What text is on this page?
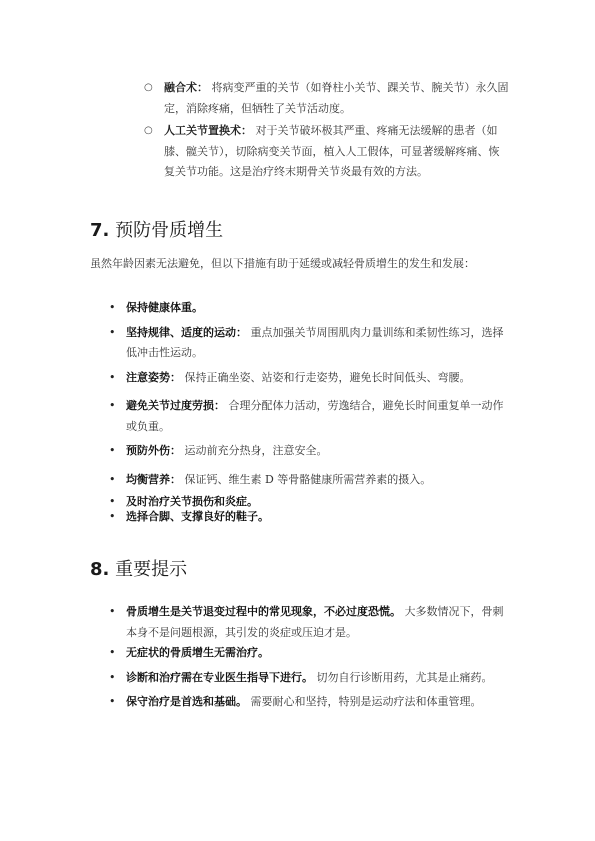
○ 融合术： 将病变严重的关节（如脊柱小关节、踝关节、腕关节）永久固定，消除疼痛，但牺牲了关节活动度。
○ 人工关节置换术： 对于关节破坏极其严重、疼痛无法缓解的患者（如膝、髋关节），切除病变关节面，植入人工假体，可显著缓解疼痛、恢复关节功能。这是治疗终末期骨关节炎最有效的方法。
7. 预防骨质增生

虽然年龄因素无法避免，但以下措施有助于延缓或减轻骨质增生的发生和发展：

• 保持健康体重。
• 坚持规律、适度的运动： 重点加强关节周围肌肉力量训练和柔韧性练习，选择低冲击性运动。
• 注意姿势： 保持正确坐姿、站姿和行走姿势，避免长时间低头、弯腰。
• 避免关节过度劳损： 合理分配体力活动，劳逸结合，避免长时间重复单一动作或负重。
• 预防外伤： 运动前充分热身，注意安全。
• 均衡营养： 保证钙、维生素 D 等骨骼健康所需营养素的摄入。
• 及时治疗关节损伤和炎症。
• 选择合脚、支撑良好的鞋子。
8. 重要提示
• 骨质增生是关节退变过程中的常见现象，不必过度恐慌。 大多数情况下，骨刺本身不是问题根源，其引发的炎症或压迫才是。
• 无症状的骨质增生无需治疗。
• 诊断和治疗需在专业医生指导下进行。 切勿自行诊断用药，尤其是止痛药。
• 保守治疗是首选和基础。 需要耐心和坚持，特别是运动疗法和体重管理。
